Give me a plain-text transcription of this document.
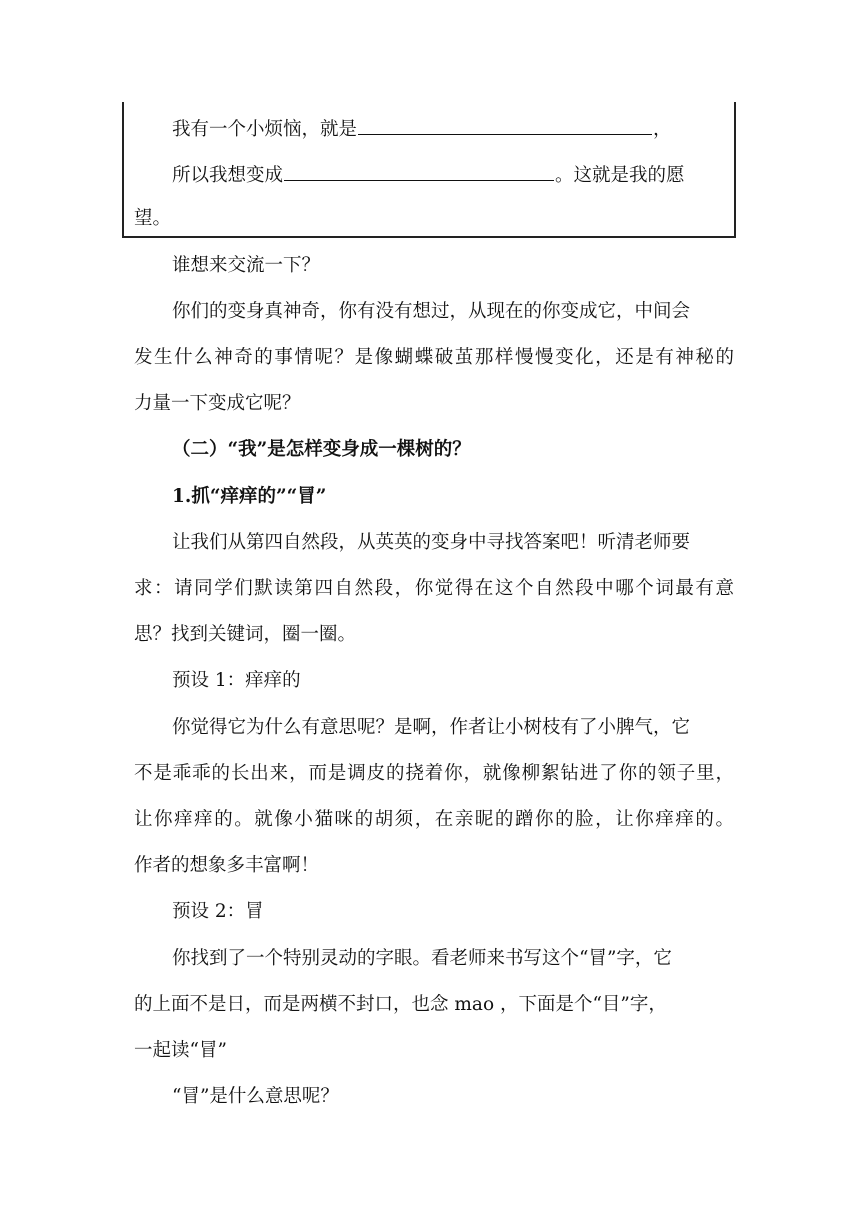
我有一个小烦恼，就是	，
所以我想变成	。这就是我的愿
望。
谁想来交流一下？
你们的变身真神奇，你有没有想过，从现在的你变成它，中间会
发生什么神奇的事情呢？是像蝴蝶破茧那样慢慢变化，还是有神秘的
力量一下变成它呢？
（二）“我”是怎样变身成一棵树的？
1.抓“痒痒的”“冒”
让我们从第四自然段，从英英的变身中寻找答案吧！听清老师要
求：请同学们默读第四自然段，你觉得在这个自然段中哪个词最有意
思？找到关键词，圈一圈。
预设 1：痒痒的
你觉得它为什么有意思呢？是啊，作者让小树枝有了小脾气，它
不是乖乖的长出来，而是调皮的挠着你，就像柳絮钻进了你的领子里，
让你痒痒的。就像小猫咪的胡须，在亲昵的蹭你的脸，让你痒痒的。
作者的想象多丰富啊！
预设 2：冒
你找到了一个特别灵动的字眼。看老师来书写这个“冒”字，它
的上面不是日，而是两横不封口，也念 mao ，下面是个“目”字，
一起读“冒”
“冒”是什么意思呢？
